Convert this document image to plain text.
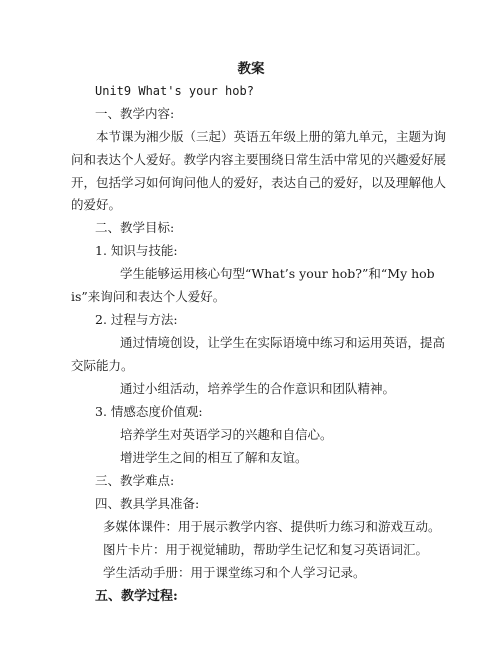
教案
Unit9 What's your hob?
一、教学内容:
本节课为湘少版（三起）英语五年级上册的第九单元，主题为询
问和表达个人爱好。教学内容主要围绕日常生活中常见的兴趣爱好展
开，包括学习如何询问他人的爱好，表达自己的爱好，以及理解他人
的爱好。
二、教学目标:
1. 知识与技能:
学生能够运用核心句型“What’s your hob?”和“My hob
is”来询问和表达个人爱好。
2. 过程与方法:
通过情境创设，让学生在实际语境中练习和运用英语，提高
交际能力。
通过小组活动，培养学生的合作意识和团队精神。
3. 情感态度价值观:
培养学生对英语学习的兴趣和自信心。
增进学生之间的相互了解和友谊。
三、教学难点:
四、教具学具准备:
多媒体课件：用于展示教学内容、提供听力练习和游戏互动。
图片卡片：用于视觉辅助，帮助学生记忆和复习英语词汇。
学生活动手册：用于课堂练习和个人学习记录。
五、教学过程:
